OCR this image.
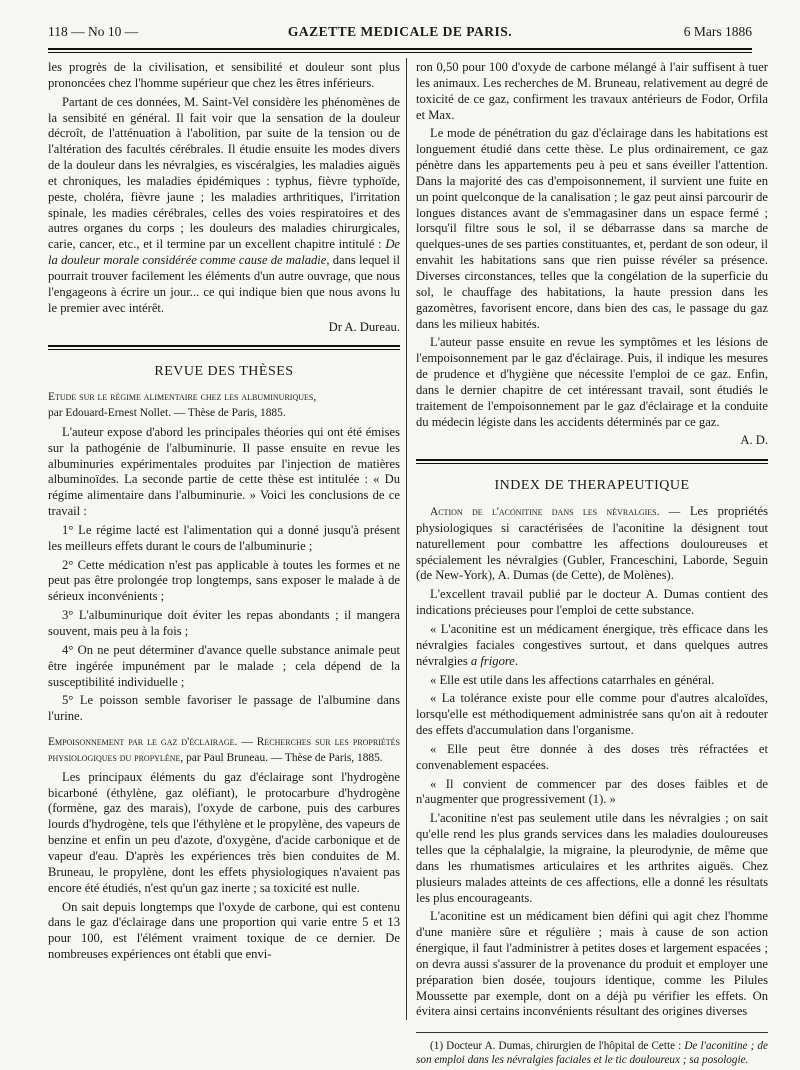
118 — No 10 —	GAZETTE MEDICALE DE PARIS.	6 Mars 1886

les progrès de la civilisation, et sensibilité et douleur sont plus prononcées chez l'homme supérieur que chez les êtres inférieurs.

Partant de ces données, M. Saint-Vel considère les phénomènes de la sensibité en général. Il fait voir que la sensation de la douleur décroît, de l'atténuation à l'abolition, par suite de la tension ou de l'altération des facultés cérébrales. Il étudie ensuite les modes divers de la douleur dans les névralgies, es viscéralgies, les maladies aiguës et chroniques, les maladies épidémiques : typhus, fièvre typhoïde, peste, choléra, fièvre jaune ; les maladies arthritiques, l'irritation spinale, les madies cérébrales, celles des voies respiratoires et des autres organes du corps ; les douleurs des maladies chirurgicales, carie, cancer, etc., et il termine par un excellent chapitre intitulé : De la douleur morale considérée comme cause de maladie, dans lequel il pourrait trouver facilement les éléments d'un autre ouvrage, que nous l'engageons à écrire un jour... ce qui indique bien que nous avons lu le premier avec intérêt.

Dr A. Dureau.
REVUE DES THÈSES

Etude sur le régime alimentaire chez les albuminuriques,
par Edouard-Ernest Nollet. — Thèse de Paris, 1885.

L'auteur expose d'abord les principales théories qui ont été émises sur la pathogénie de l'albuminurie. Il passe ensuite en revue les albuminuries expérimentales produites par l'injection de matières albuminoïdes. La seconde partie de cette thèse est intitulée : « Du régime alimentaire dans l'albuminurie. » Voici les conclusions de ce travail :

1° Le régime lacté est l'alimentation qui a donné jusqu'à présent les meilleurs effets durant le cours de l'albuminurie ;

2° Cette médication n'est pas applicable à toutes les formes et ne peut pas être prolongée trop longtemps, sans exposer le malade à de sérieux inconvénients ;

3° L'albuminurique doit éviter les repas abondants ; il mangera souvent, mais peu à la fois ;

4° On ne peut déterminer d'avance quelle substance animale peut être ingérée impunément par le malade ; cela dépend de la susceptibilité individuelle ;

5° Le poisson semble favoriser le passage de l'albumine dans l'urine.

Empoisonnement par le gaz d'éclairage. — Recherches sur les propriétés physiologiques du propylène, par Paul Bruneau. — Thèse de Paris, 1885.

Les principaux éléments du gaz d'éclairage sont l'hydrogène bicarboné (éthylène, gaz oléfiant), le protocarbure d'hydrogène (formène, gaz des marais), l'oxyde de carbone, puis des carbures lourds d'hydrogène, tels que l'éthylène et le propylène, des vapeurs de benzine et enfin un peu d'azote, d'oxygène, d'acide carbonique et de vapeur d'eau. D'après les expériences très bien conduites de M. Bruneau, le propylène, dont les effets physiologiques n'avaient pas encore été étudiés, n'est qu'un gaz inerte ; sa toxicité est nulle.

On sait depuis longtemps que l'oxyde de carbone, qui est contenu dans le gaz d'éclairage dans une proportion qui varie entre 5 et 13 pour 100, est l'élément vraiment toxique de ce dernier. De nombreuses expériences ont établi que envi-

ron 0,50 pour 100 d'oxyde de carbone mélangé à l'air suffisent à tuer les animaux. Les recherches de M. Bruneau, relativement au degré de toxicité de ce gaz, confirment les travaux antérieurs de Fodor, Orfila et Max.

Le mode de pénétration du gaz d'éclairage dans les habitations est longuement étudié dans cette thèse. Le plus ordinairement, ce gaz pénètre dans les appartements peu à peu et sans éveiller l'attention. Dans la majorité des cas d'empoisonnement, il survient une fuite en un point quelconque de la canalisation ; le gaz peut ainsi parcourir de longues distances avant de s'emmagasiner dans un espace fermé ; lorsqu'il filtre sous le sol, il se débarrasse dans sa marche de quelques-unes de ses parties constituantes, et, perdant de son odeur, il envahit les habitations sans que rien puisse révéler sa présence. Diverses circonstances, telles que la congélation de la superficie du sol, le chauffage des habitations, la haute pression dans les gazomètres, favorisent encore, dans bien des cas, le passage du gaz dans les milieux habités.

L'auteur passe ensuite en revue les symptômes et les lésions de l'empoisonnement par le gaz d'éclairage. Puis, il indique les mesures de prudence et d'hygiène que nécessite l'emploi de ce gaz. Enfin, dans le dernier chapitre de cet intéressant travail, sont étudiés le traitement de l'empoisonnement par le gaz d'éclairage et la conduite du médecin légiste dans les accidents déterminés par ce gaz.

A. D.
INDEX DE THERAPEUTIQUE

Action de l'aconitine dans les névralgies. — Les propriétés physiologiques si caractérisées de l'aconitine la désignent tout naturellement pour combattre les affections douloureuses et spécialement les névralgies (Gubler, Franceschini, Laborde, Seguin (de New-York), A. Dumas (de Cette), de Molènes).

L'excellent travail publié par le docteur A. Dumas contient des indications précieuses pour l'emploi de cette substance.

« L'aconitine est un médicament énergique, très efficace dans les névralgies faciales congestives surtout, et dans quelques autres névralgies a frigore.

« Elle est utile dans les affections catarrhales en général.

« La tolérance existe pour elle comme pour d'autres alcaloïdes, lorsqu'elle est méthodiquement administrée sans qu'on ait à redouter des effets d'accumulation dans l'organisme.

« Elle peut être donnée à des doses très réfractées et convenablement espacées.

« Il convient de commencer par des doses faibles et de n'augmenter que progressivement (1). »

L'aconitine n'est pas seulement utile dans les névralgies ; on sait qu'elle rend les plus grands services dans les maladies douloureuses telles que la céphalalgie, la migraine, la pleurodynie, de même que dans les rhumatismes articulaires et les arthrites aiguës. Chez plusieurs malades atteints de ces affections, elle a donné les résultats les plus encourageants.

L'aconitine est un médicament bien défini qui agit chez l'homme d'une manière sûre et régulière ; mais à cause de son action énergique, il faut l'administrer à petites doses et largement espacées ; on devra aussi s'assurer de la provenance du produit et employer une préparation bien dosée, toujours identique, comme les Pilules Moussette par exemple, dont on a déjà pu vérifier les effets. On évitera ainsi certains inconvénients résultant des origines diverses

(1) Docteur A. Dumas, chirurgien de l'hôpital de Cette : De l'aconitine ; de son emploi dans les névralgies faciales et le tic douloureux ; sa posologie.
